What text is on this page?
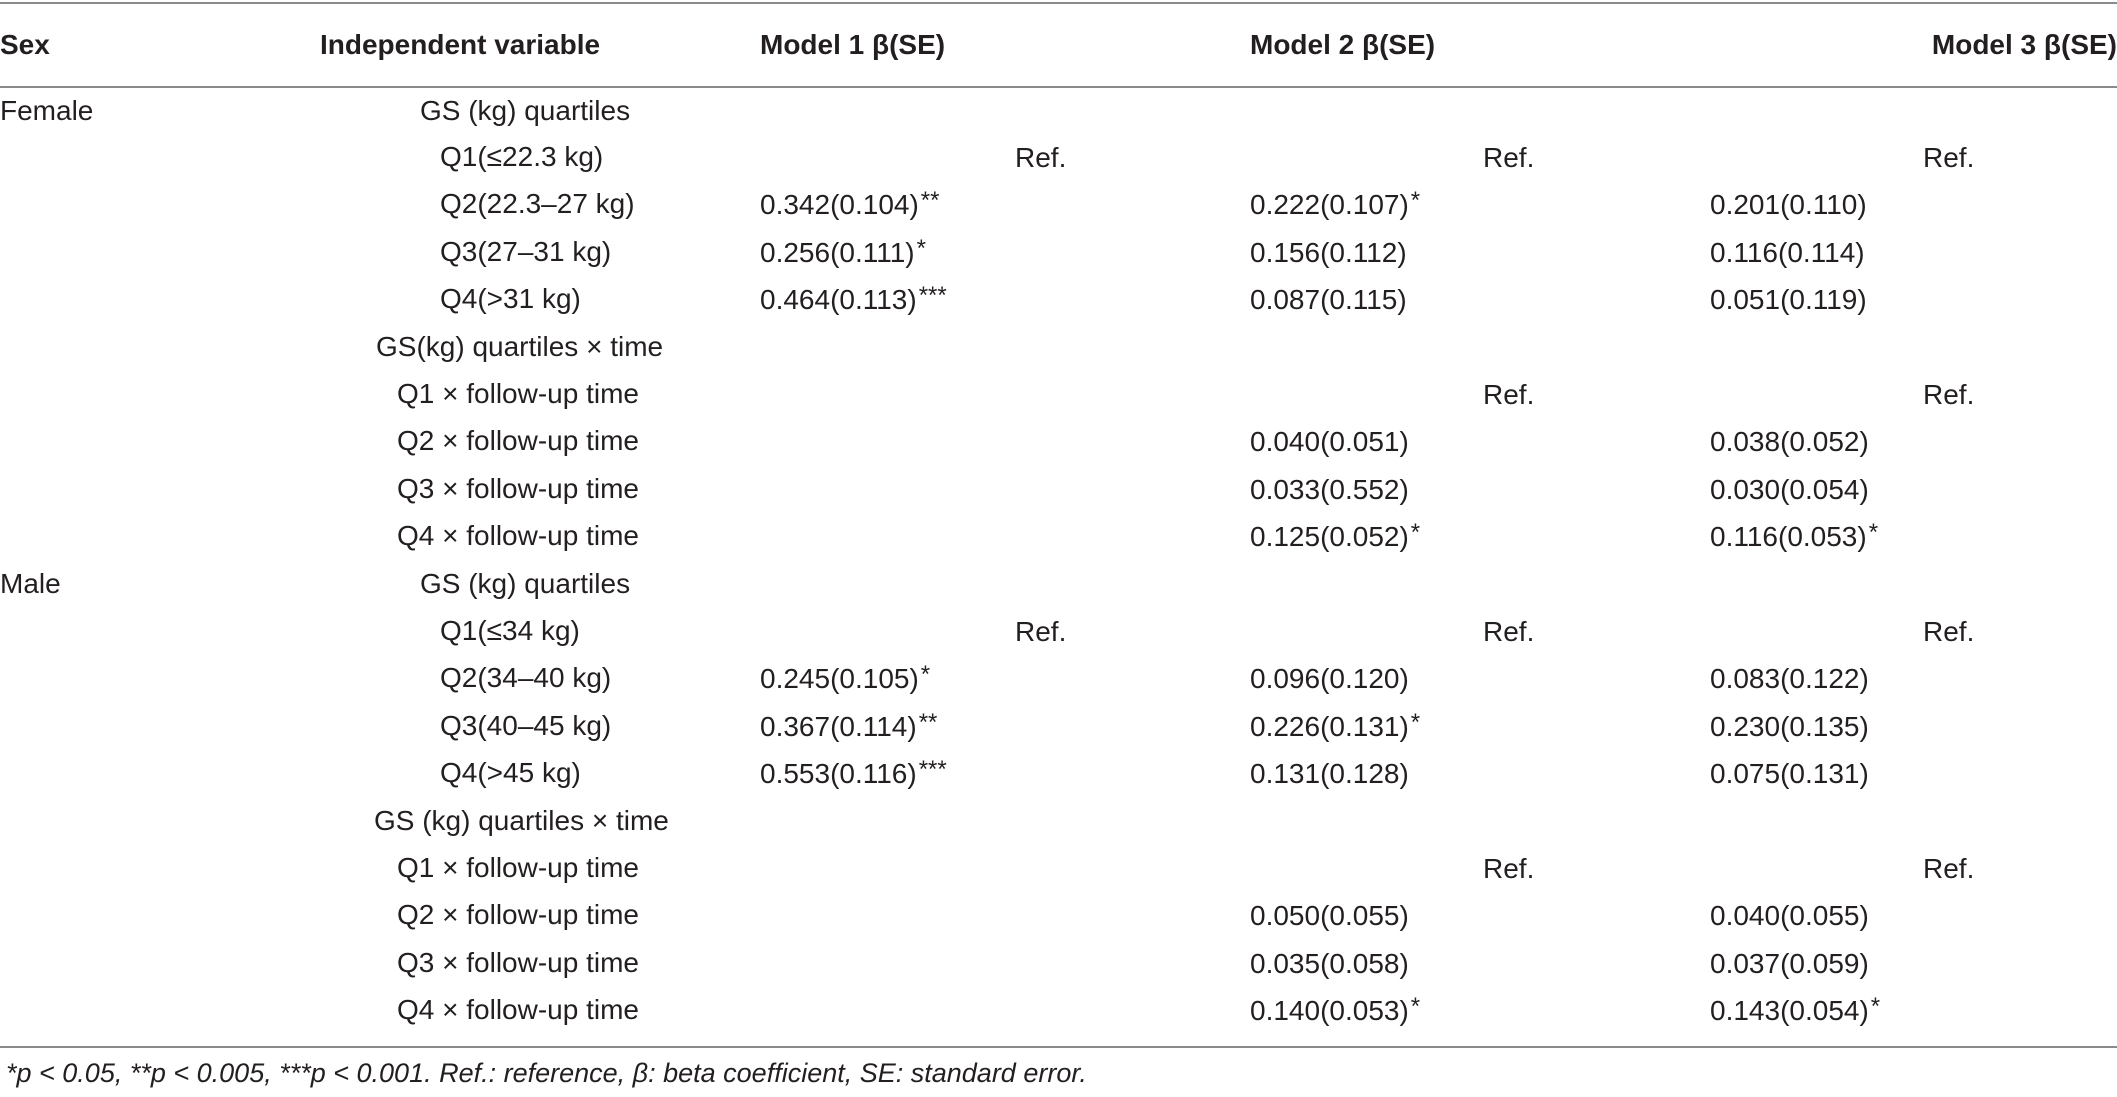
Sex	Independent variable	Model 1 β(SE)	Model 2 β(SE)	Model 3 β(SE)
Female	GS (kg) quartiles			
	Q1(≤22.3 kg)	Ref.	Ref.	Ref.
	Q2(22.3–27 kg)	0.342(0.104)**	0.222(0.107)*	0.201(0.110)
	Q3(27–31 kg)	0.256(0.111)*	0.156(0.112)	0.116(0.114)
	Q4(>31 kg)	0.464(0.113)***	0.087(0.115)	0.051(0.119)
	GS(kg) quartiles × time			
	Q1 × follow-up time		Ref.	Ref.
	Q2 × follow-up time		0.040(0.051)	0.038(0.052)
	Q3 × follow-up time		0.033(0.552)	0.030(0.054)
	Q4 × follow-up time		0.125(0.052)*	0.116(0.053)*
Male	GS (kg) quartiles			
	Q1(≤34 kg)	Ref.	Ref.	Ref.
	Q2(34–40 kg)	0.245(0.105)*	0.096(0.120)	0.083(0.122)
	Q3(40–45 kg)	0.367(0.114)**	0.226(0.131)*	0.230(0.135)
	Q4(>45 kg)	0.553(0.116)***	0.131(0.128)	0.075(0.131)
	GS (kg) quartiles × time			
	Q1 × follow-up time		Ref.	Ref.
	Q2 × follow-up time		0.050(0.055)	0.040(0.055)
	Q3 × follow-up time		0.035(0.058)	0.037(0.059)
	Q4 × follow-up time		0.140(0.053)*	0.143(0.054)*
*p < 0.05, **p < 0.005, ***p < 0.001. Ref.: reference, β: beta coefficient, SE: standard error.
